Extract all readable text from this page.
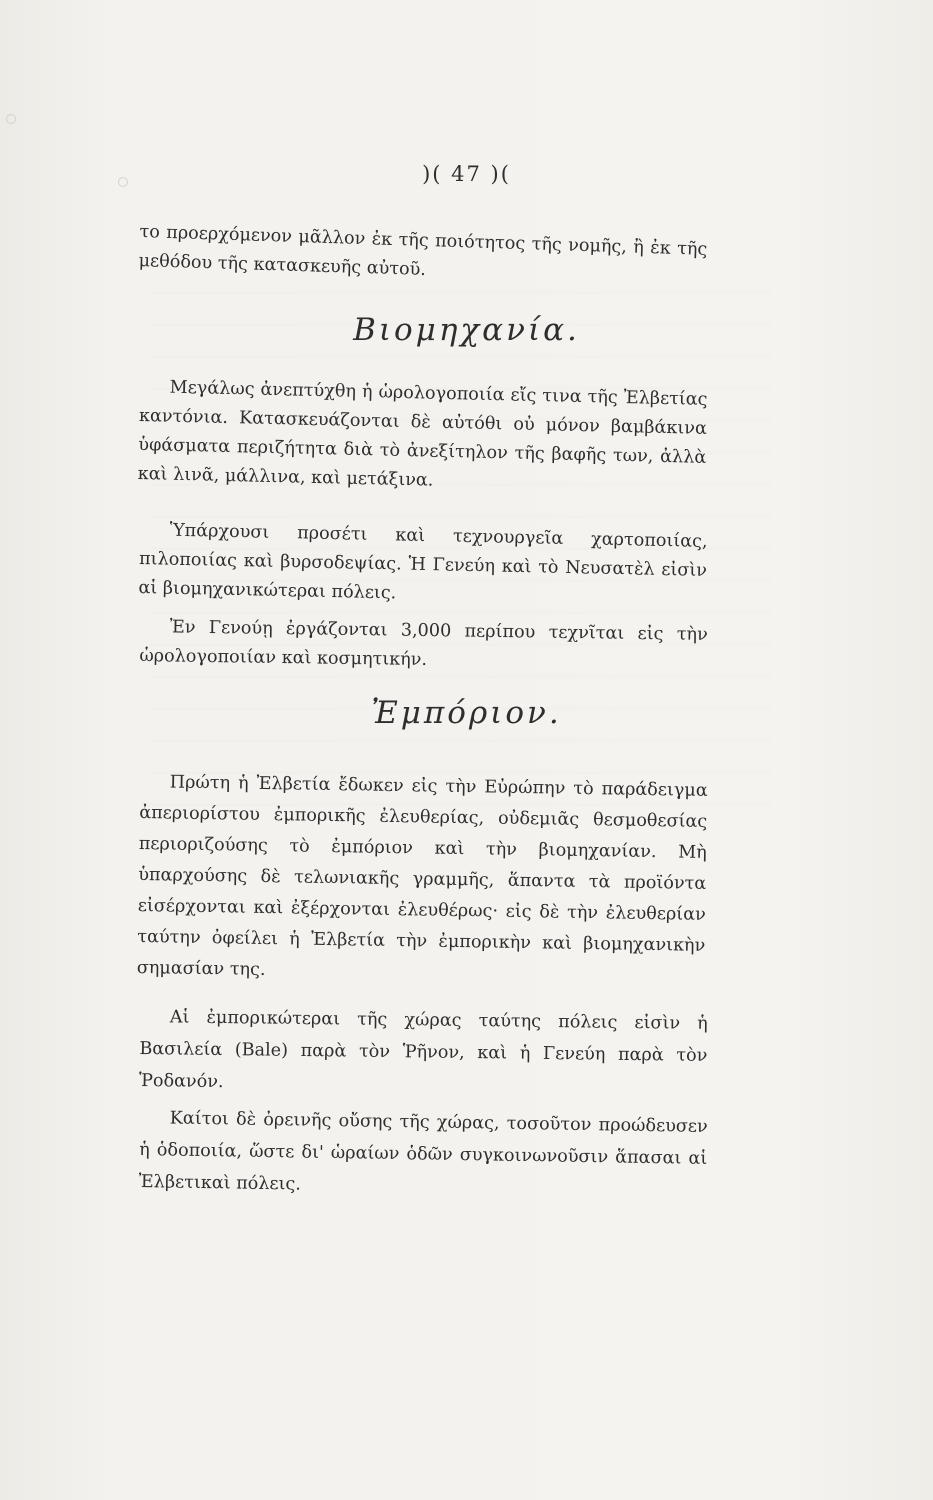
)( 47 )(

το προερχόμενον μᾶλλον ἐκ τῆς ποιότητος τῆς νομῆς, ἢ ἐκ τῆς μεθόδου τῆς κατασκευῆς αὐτοῦ.

Βιομηχανία.

Μεγάλως ἀνεπτύχθη ἡ ὡρολογοποιία εἴς τινα τῆς Ἐλβετίας καντόνια. Κατασκευάζονται δὲ αὐτόθι οὐ μόνον βαμβάκινα ὑφάσματα περιζήτητα διὰ τὸ ἀνεξίτηλον τῆς βαφῆς των, ἀλλὰ καὶ λινᾶ, μάλλινα, καὶ μετάξινα.

Ὑπάρχουσι προσέτι καὶ τεχνουργεῖα χαρτοποιίας, πιλοποιίας καὶ βυρσοδεψίας. Ἡ Γενεύη καὶ τὸ Νευσατὲλ εἰσὶν αἱ βιομηχανικώτεραι πόλεις.

Ἐν Γενούῃ ἐργάζονται 3,000 περίπου τεχνῖται εἰς τὴν ὡρολογοποιίαν καὶ κοσμητικήν.

Ἐμπόριον.

Πρώτη ἡ Ἐλβετία ἔδωκεν εἰς τὴν Εὐρώπην τὸ παράδειγμα ἀπεριορίστου ἐμπορικῆς ἐλευθερίας, οὐδεμιᾶς θεσμοθεσίας περιοριζούσης τὸ ἐμπόριον καὶ τὴν βιομηχανίαν. Μὴ ὑπαρχούσης δὲ τελωνιακῆς γραμμῆς, ἅπαντα τὰ προϊόντα εἰσέρχονται καὶ ἐξέρχονται ἐλευθέρως· εἰς δὲ τὴν ἐλευθερίαν ταύτην ὀφείλει ἡ Ἐλβετία τὴν ἐμπορικὴν καὶ βιομηχανικὴν σημασίαν της.

Αἱ ἐμπορικώτεραι τῆς χώρας ταύτης πόλεις εἰσὶν ἡ Βασιλεία (Bale) παρὰ τὸν Ῥῆνον, καὶ ἡ Γενεύη παρὰ τὸν Ῥοδανόν.

Καίτοι δὲ ὀρεινῆς οὔσης τῆς χώρας, τοσοῦτον προώδευσεν ἡ ὁδοποιία, ὥστε δι' ὡραίων ὁδῶν συγκοινωνοῦσιν ἅπασαι αἱ Ἐλβετικαὶ πόλεις.
